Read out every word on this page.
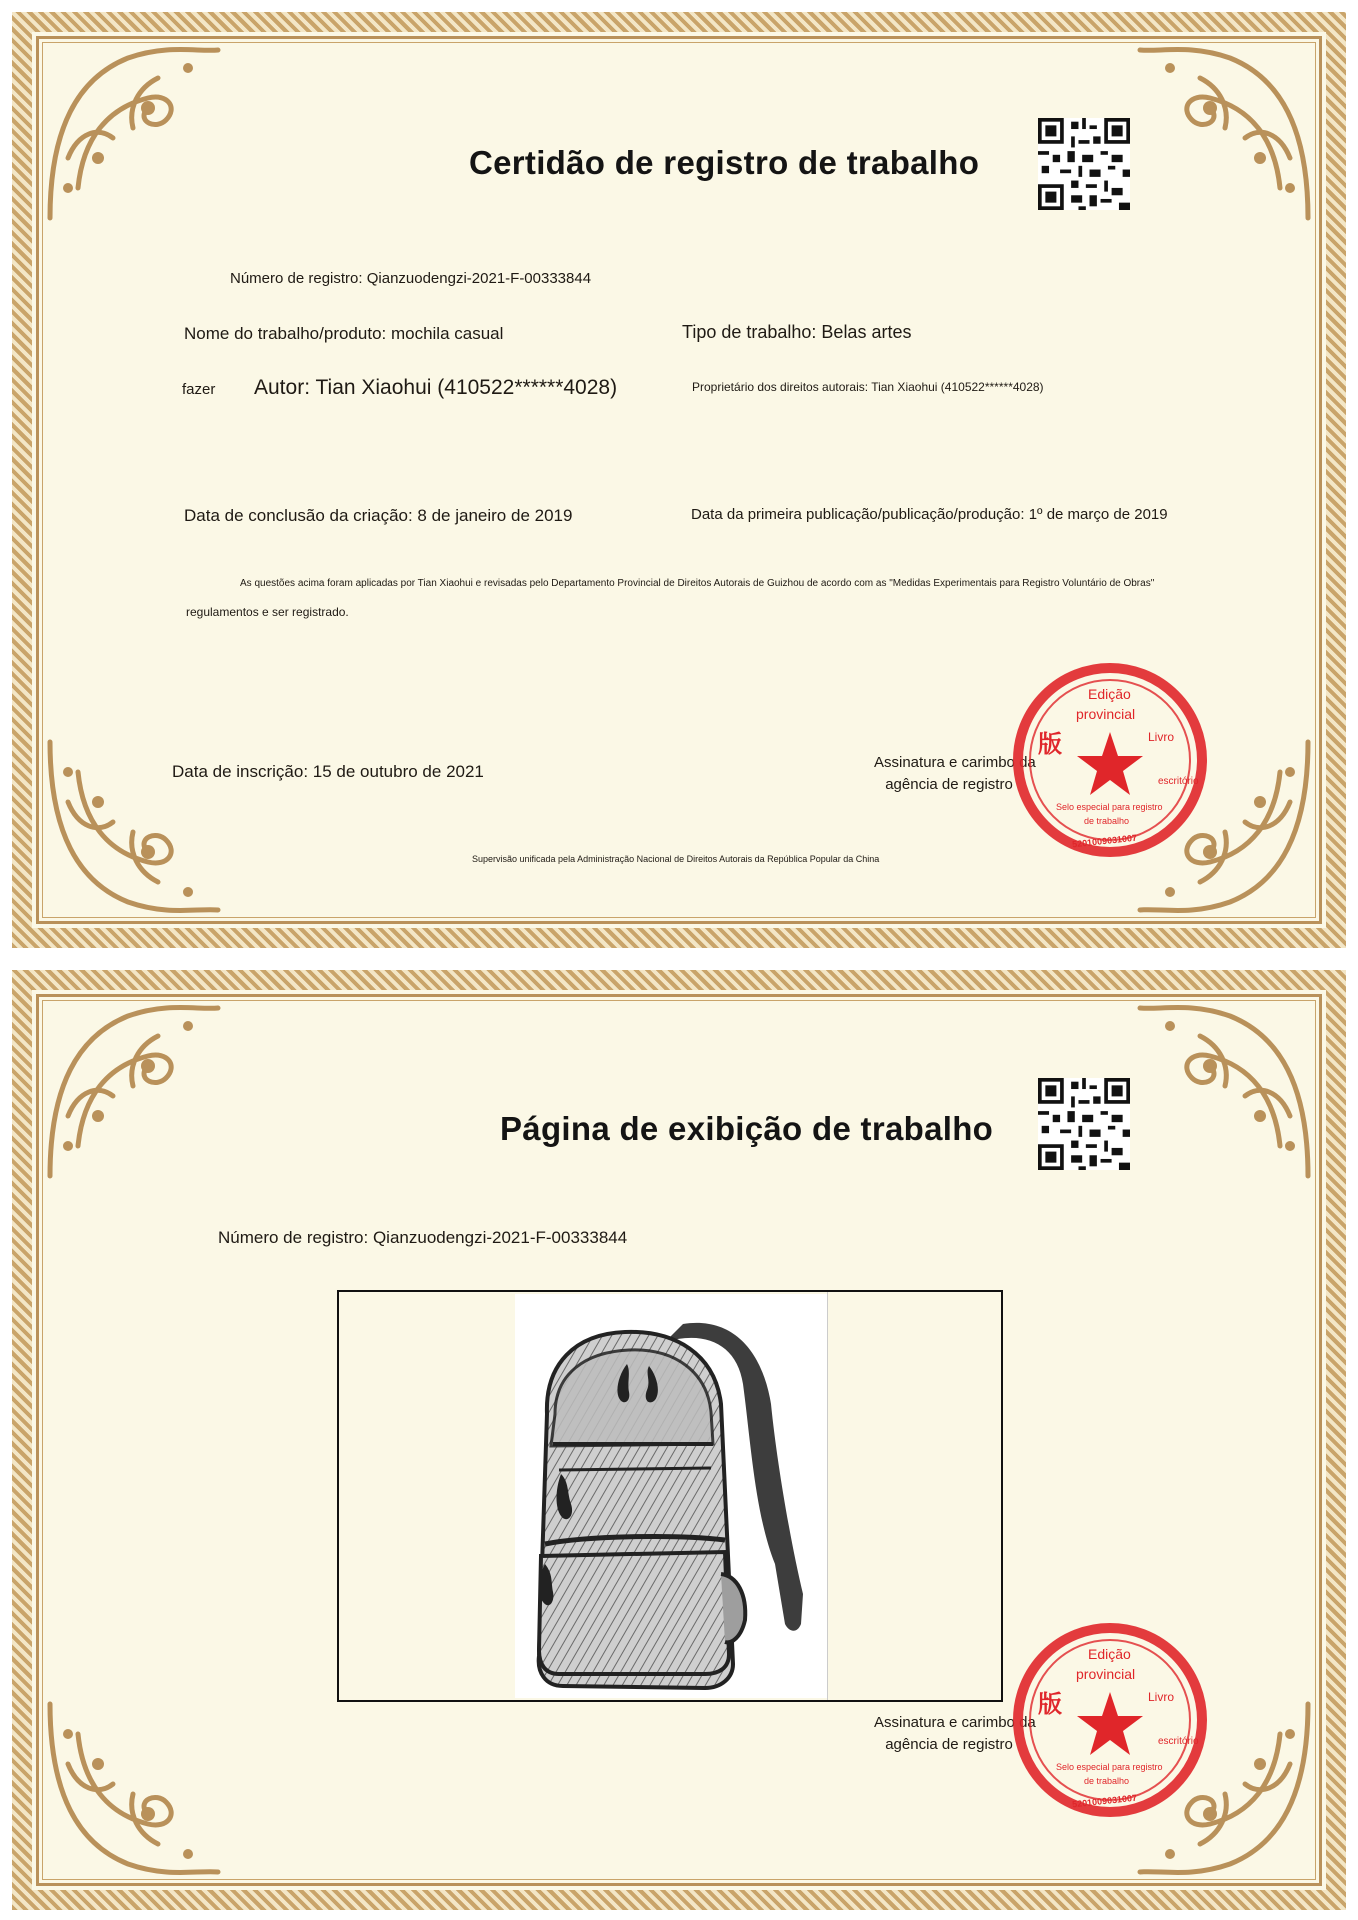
Certidão de registro de trabalho
Número de registro: Qianzuodengzi-2021-F-00333844
Nome do trabalho/produto: mochila casual	Tipo de trabalho: Belas artes
fazer Autor: Tian Xiaohui (410522******4028)	Proprietário dos direitos autorais: Tian Xiaohui (410522******4028)
Data de conclusão da criação: 8 de janeiro de 2019	Data da primeira publicação/publicação/produção: 1º de março de 2019
As questões acima foram aplicadas por Tian Xiaohui e revisadas pelo Departamento Provincial de Direitos Autorais de Guizhou de acordo com as "Medidas Experimentais para Registro Voluntário de Obras"
regulamentos e ser registrado.
Data de inscrição: 15 de outubro de 2021	Assinatura e carimbo da
agência de registro
Supervisão unificada pela Administração Nacional de Direitos Autorais da República Popular da China
Edição
provincial
版	Livro
escritório
Selo especial para registro
de trabalho
5201009031007
Página de exibição de trabalho
Número de registro: Qianzuodengzi-2021-F-00333844
Assinatura e carimbo da
agência de registro
Edição
provincial
版	Livro
escritório
Selo especial para registro
de trabalho
5201009031007
